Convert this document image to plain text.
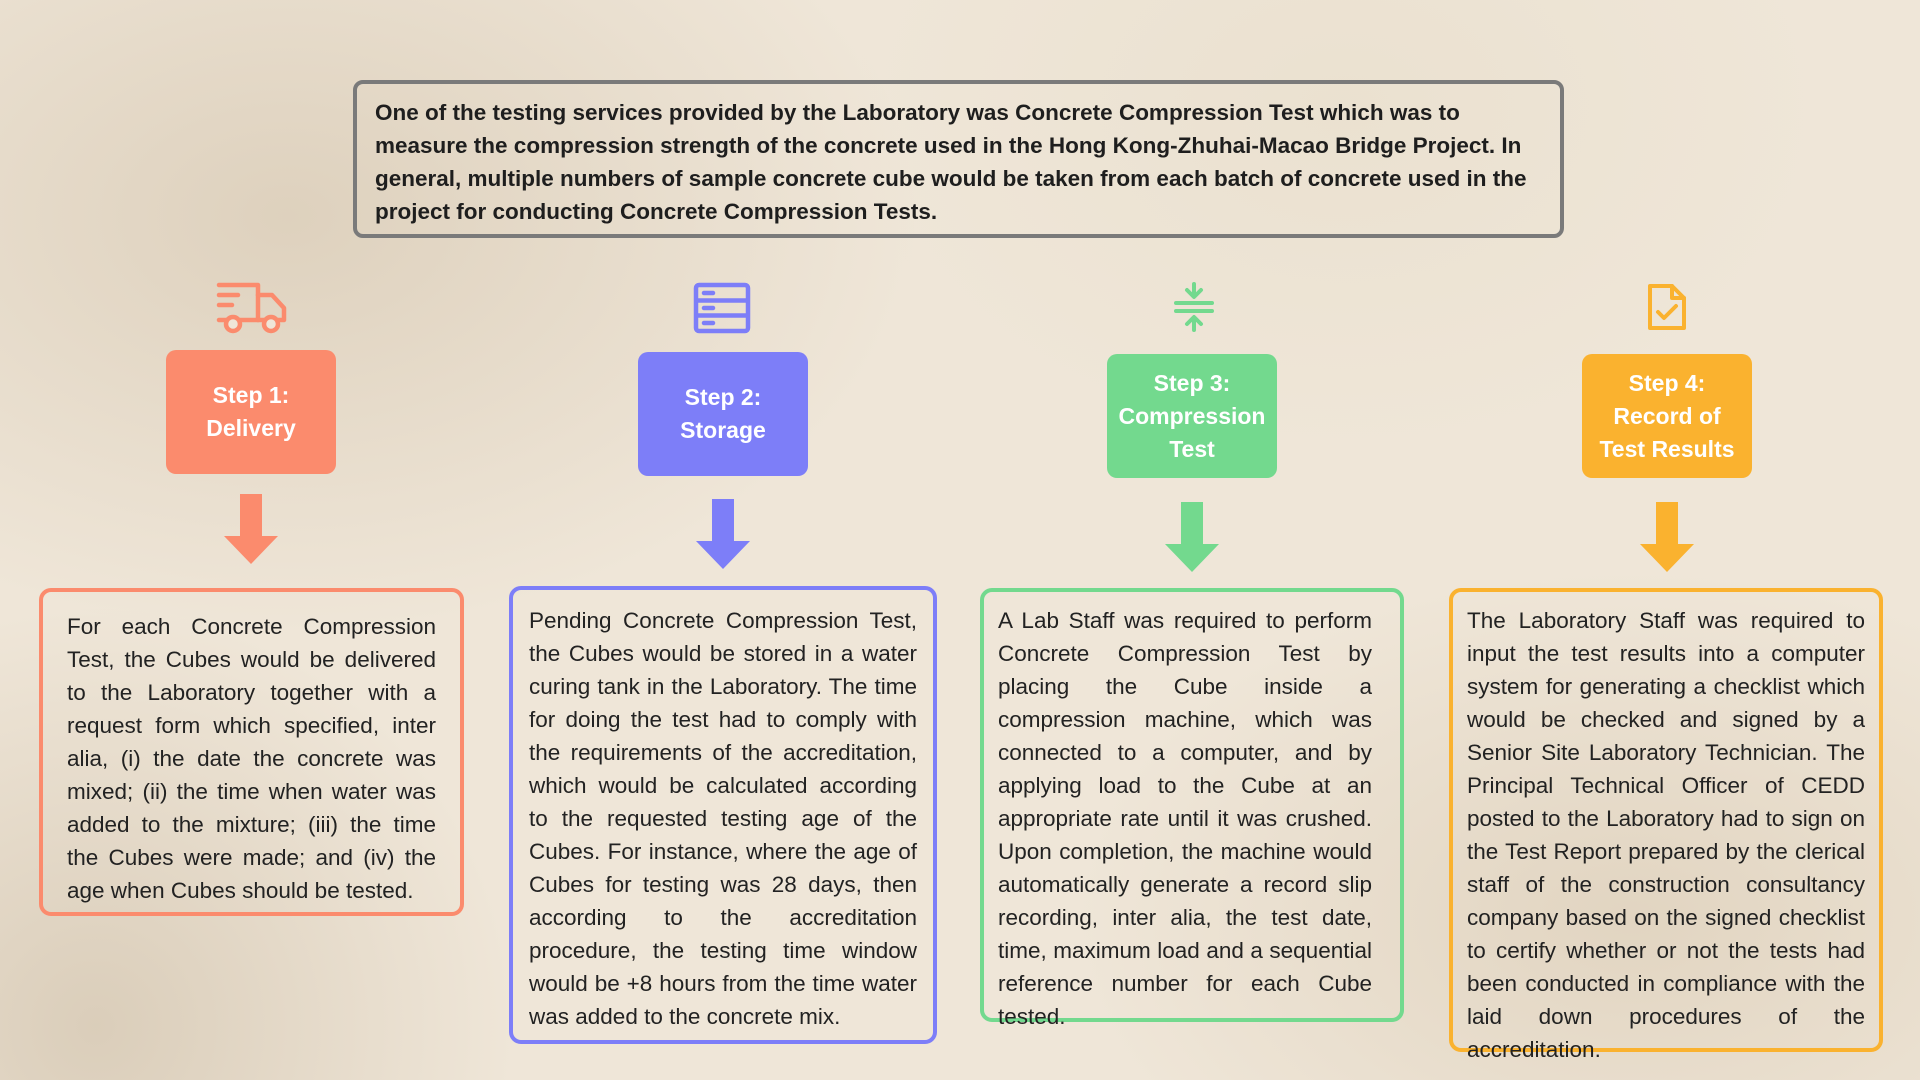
One of the testing services provided by the Laboratory was Concrete Compression Test which was to measure the compression strength of the concrete used in the Hong Kong-Zhuhai-Macao Bridge Project. In general, multiple numbers of sample concrete cube would be taken from each batch of concrete used in the project for conducting Concrete Compression Tests.
Step 1:
Delivery
For each Concrete Compression Test, the Cubes would be delivered to the Laboratory together with a request form which specified, inter alia, (i) the date the concrete was mixed; (ii) the time when water was added to the mixture; (iii) the time the Cubes were made; and (iv) the age when Cubes should be tested.
Step 2:
Storage
Pending Concrete Compression Test, the Cubes would be stored in a water curing tank in the Laboratory. The time for doing the test had to comply with the requirements of the accreditation, which would be calculated according to the requested testing age of the Cubes. For instance, where the age of Cubes for testing was 28 days, then according to the accreditation procedure, the testing time window would be +8 hours from the time water was added to the concrete mix.
Step 3:
Compression
Test
A Lab Staff was required to perform Concrete Compression Test by placing the Cube inside a compression machine, which was connected to a computer, and by applying load to the Cube at an appropriate rate until it was crushed. Upon completion, the machine would automatically generate a record slip recording, inter alia, the test date, time, maximum load and a sequential reference number for each Cube tested.
Step 4:
Record of
Test Results
The Laboratory Staff was required to input the test results into a computer system for generating a checklist which would be checked and signed by a Senior Site Laboratory Technician. The Principal Technical Officer of CEDD posted to the Laboratory had to sign on the Test Report prepared by the clerical staff of the construction consultancy company based on the signed checklist to certify whether or not the tests had been conducted in compliance with the laid down procedures of the accreditation.
